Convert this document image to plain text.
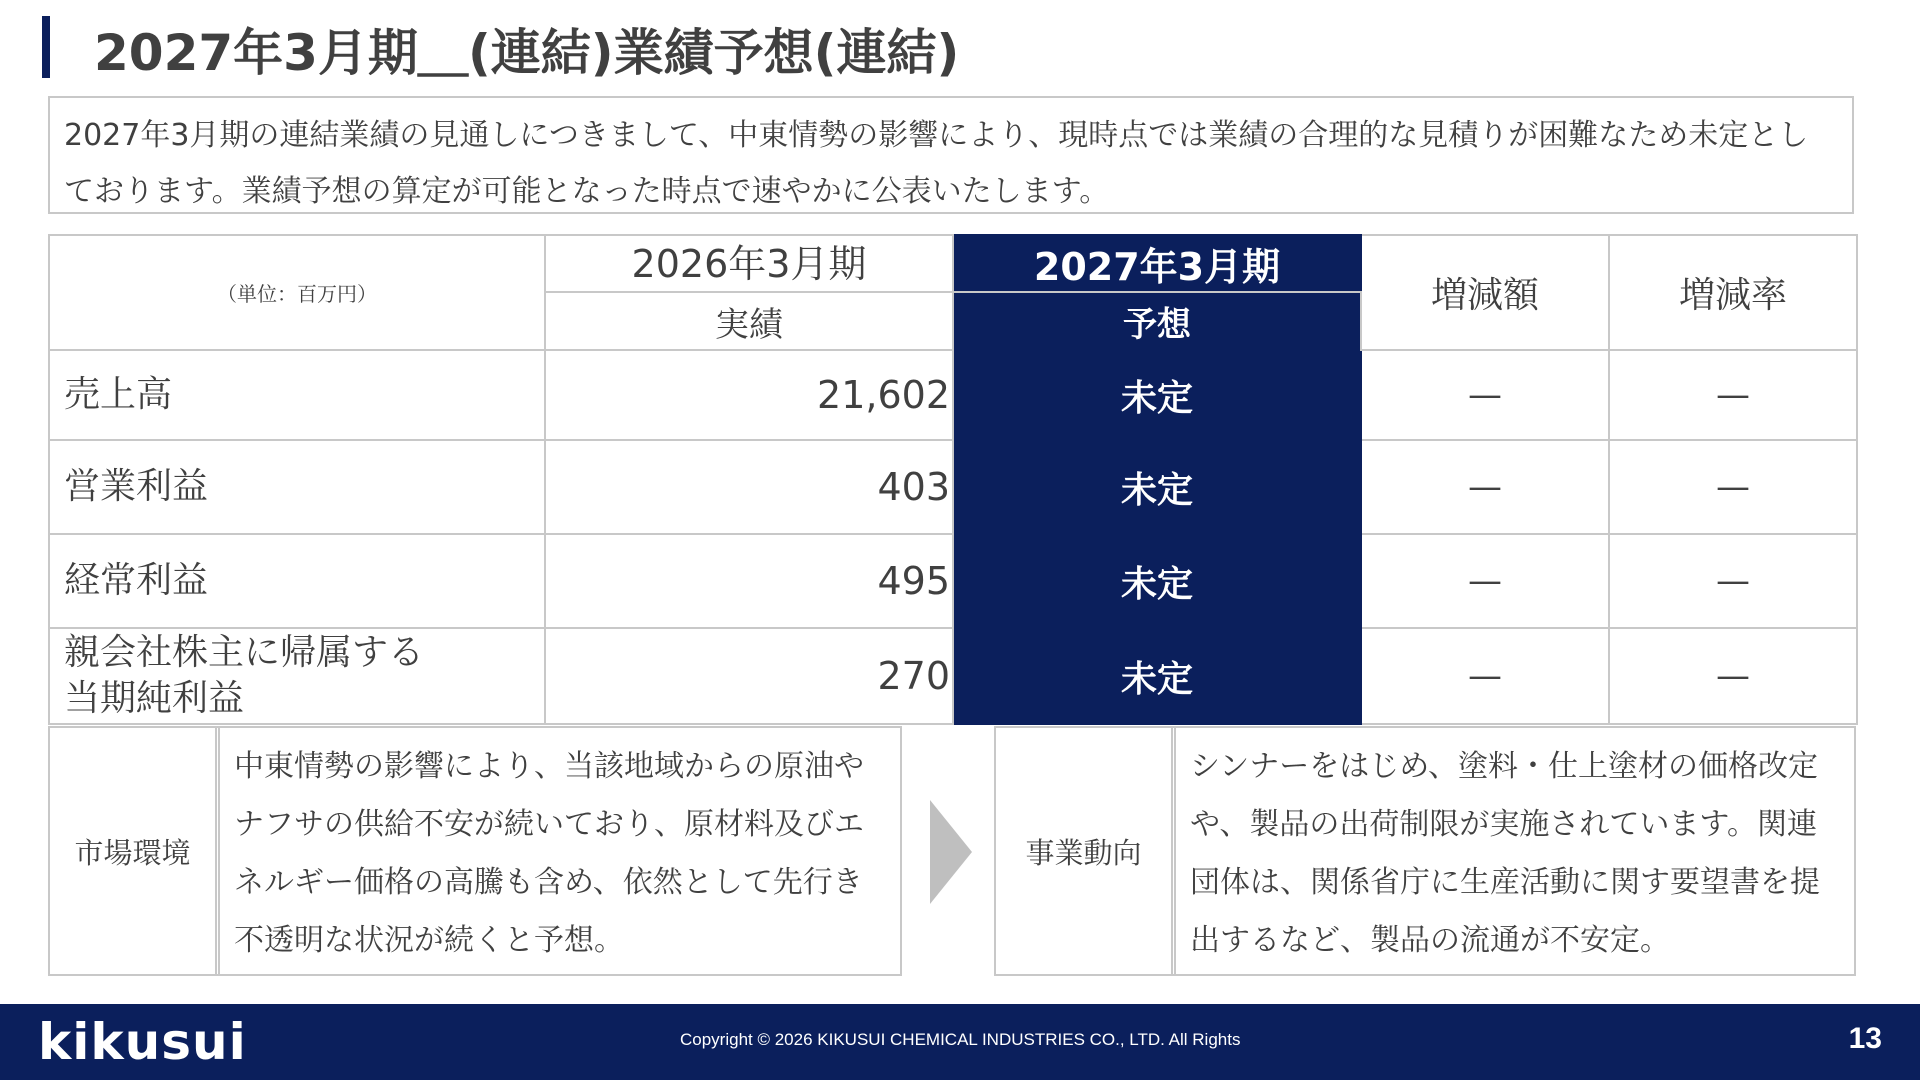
2027年3月期＿(連結)業績予想(連結)
2027年3月期の連結業績の見通しにつきまして、中東情勢の影響により、現時点では業績の合理的な見積りが困難なため未定としております。業績予想の算定が可能となった時点で速やかに公表いたします。
（単位：百万円）	2026年3月期	2027年3月期	増減額	増減率
	実績	予想		
売上高	21,602	未定	—	—
営業利益	403	未定	—	—
経常利益	495	未定	—	—

親会社株主に帰属する
当期純利益	270	未定	—	—
市場環境
中東情勢の影響により、当該地域からの原油やナフサの供給不安が続いており、原材料及びエネルギー価格の高騰も含め、依然として先行き不透明な状況が続くと予想。
事業動向
シンナーをはじめ、塗料・仕上塗材の価格改定や、製品の出荷制限が実施されています。関連団体は、関係省庁に生産活動に関す要望書を提出するなど、製品の流通が不安定。
kikusui	Copyright © 2026 KIKUSUI CHEMICAL INDUSTRIES CO., LTD. All Rights	13
